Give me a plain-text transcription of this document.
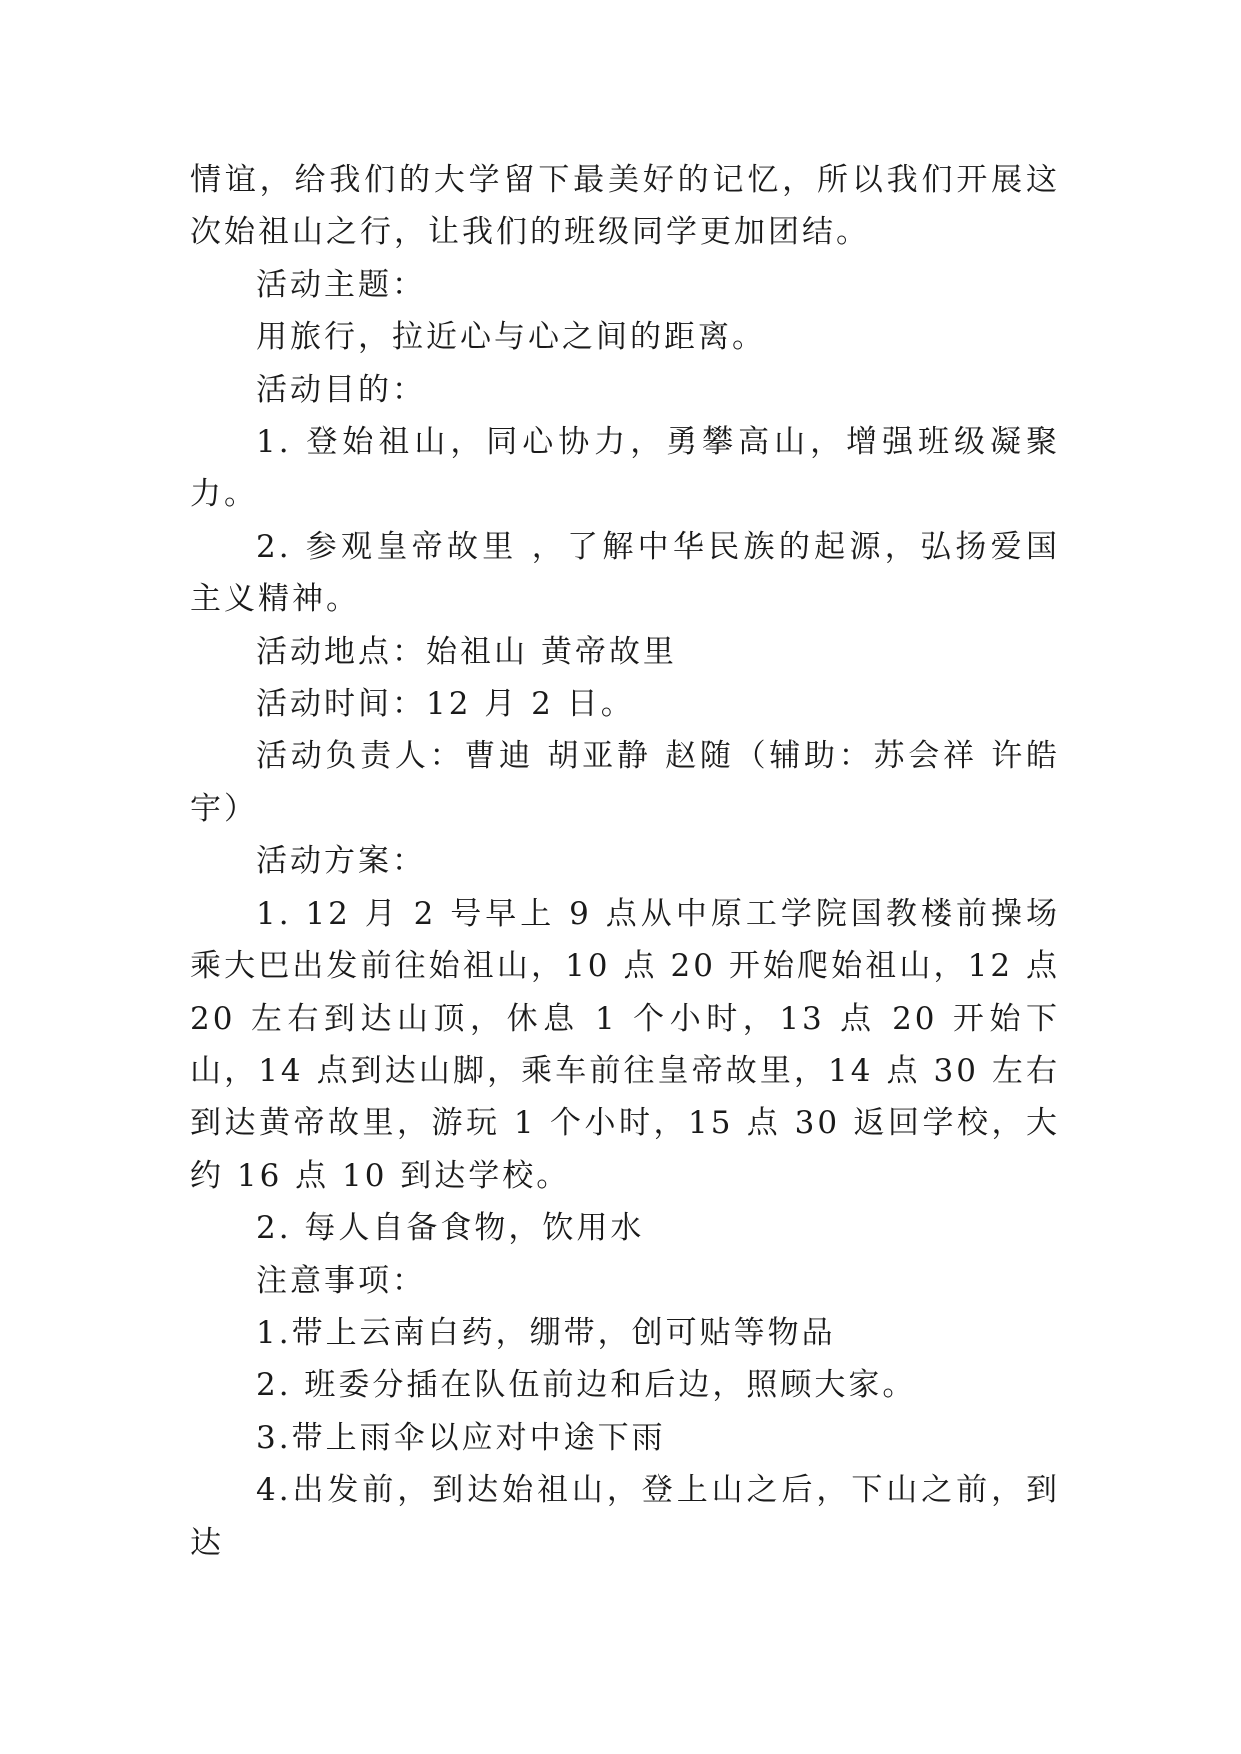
情谊，给我们的大学留下最美好的记忆，所以我们开展这次始祖山之行，让我们的班级同学更加团结。

活动主题：

用旅行，拉近心与心之间的距离。

活动目的：

1. 登始祖山，同心协力，勇攀高山，增强班级凝聚力。

2. 参观皇帝故里 ，了解中华民族的起源，弘扬爱国主义精神。

活动地点：始祖山 黄帝故里

活动时间：12 月 2 日。

活动负责人：曹迪 胡亚静 赵随（辅助：苏会祥 许皓宇）

活动方案：

1. 12 月 2 号早上 9 点从中原工学院国教楼前操场乘大巴出发前往始祖山，10 点 20 开始爬始祖山，12 点 20 左右到达山顶，休息 1 个小时，13 点 20 开始下山，14 点到达山脚，乘车前往皇帝故里，14 点 30 左右到达黄帝故里，游玩 1 个小时，15 点 30 返回学校，大约 16 点 10 到达学校。

2. 每人自备食物，饮用水

注意事项：

1.带上云南白药，绷带，创可贴等物品

2. 班委分插在队伍前边和后边，照顾大家。

3.带上雨伞以应对中途下雨

4.出发前，到达始祖山，登上山之后，下山之前，到达
